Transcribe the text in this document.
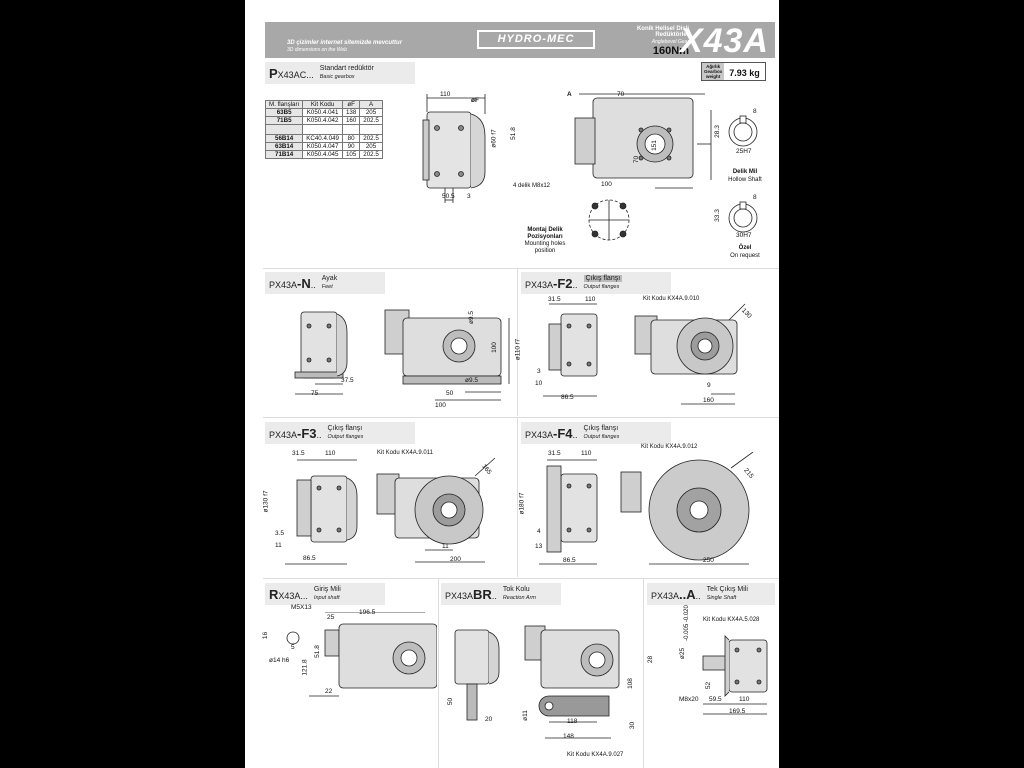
3D çizimler internet sitemizde mevcuttur
3D dimensions on the Web
HYDRO-MEC
Konik Helisel Dişli
Redüktörler
Anglebevel Gear
160Nm
X43A
PX43AC...
Standart redüktör
Basic gearbox
Ağırlık
Gearbox
weight	7.93 kg
M. flanşları	Kit Kodu	øF	A
63B5	K050.4.041	138	205
71B5	K050.4.042	160	202.5

56B14	KC40.4.049	80	202.5
63B14	K050.4.047	90	205
71B14	K050.4.045	105	202.5
110
øF
ø60 f7
50.5 3
A	70
51.8
151
70
100
4 delik M8x12
Montaj Delik
Pozisyonları
Mounting holes
position
8
28.3
25H7
Delik Mil
Hollow Shaft
8
33.3
30H7
Özel
On request
PX43A-N..
Ayak
Feet
37.5
75
ø9.5
100
ø9.5
50
100
PX43A-F2..
Çıkış flanşı
Output flanges
31.5	110	Kit Kodu KX4A.9.010
ø110 f7
3
10
86.5
130
9
160
PX43A-F3..
Çıkış flanşı
Output flanges
31.5	110	Kit Kodu KX4A.9.011
ø130 f7
3.5
11
86.5
165
11
200
PX43A-F4..
Çıkış flanşı
Output flanges
31.5	110
Kit Kodu KX4A.9.012
ø180 f7
4
13
86.5
215
250
RX43A...
Giriş Mili
Input shaft
M5X13
196.5
16
5
ø14 h6 121.8
51.8
25
22
PX43ABR..
Tok Kolu
Reaction Arm
50
20	ø11
108
118
30
148
Kit Kodu KX4A.9.027
PX43A..A..
Tek Çıkış Mili
Single Shaft
-0.005 -0.020
ø25
Kit Kodu KX4A.5.028
28
M8x20 59.5
52
110
169.5
